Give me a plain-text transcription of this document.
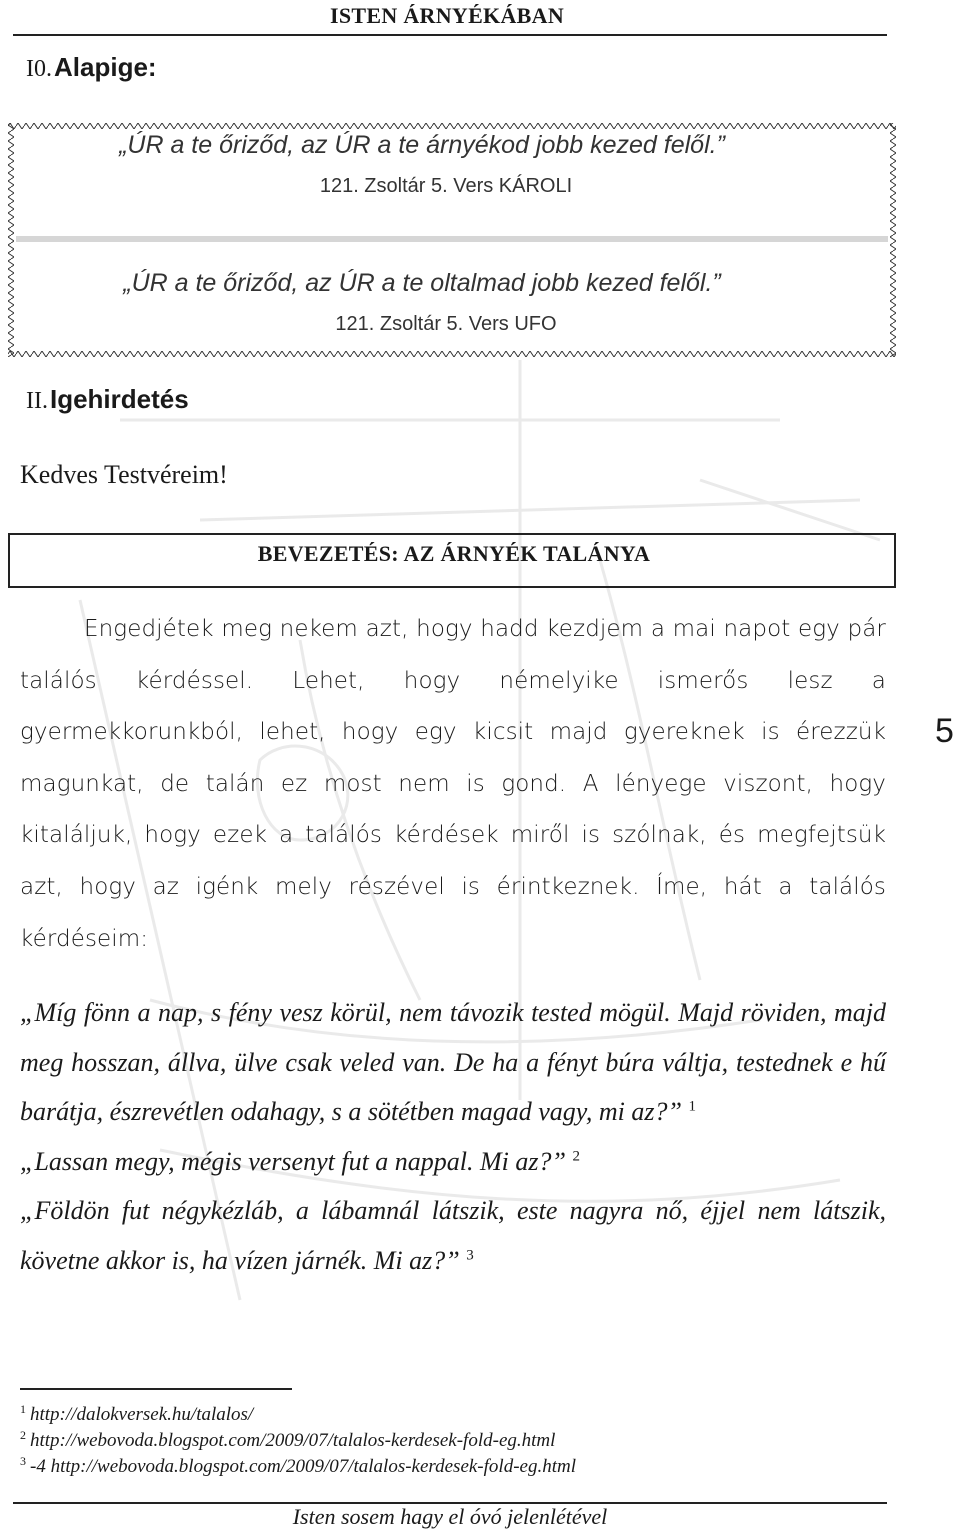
ISTEN ÁRNYÉKÁBAN
I0.Alapige:
„ÚR a te őriződ, az ÚR a te árnyékod jobb kezed felől.”
121. Zsoltár 5. Vers KÁROLI
„ÚR a te őriződ, az ÚR a te oltalmad jobb kezed felől.”
121. Zsoltár 5. Vers UFO
II.Igehirdetés
Kedves Testvéreim!
BEVEZETÉS: AZ ÁRNYÉK TALÁNYA

Engedjétek meg nekem azt, hogy hadd kezdjem a mai napot egy pár találós kérdéssel. Lehet, hogy némelyike ismerős lesz a gyermekkorunkból, lehet, hogy egy kicsit majd gyereknek is érezzük magunkat, de talán ez most nem is gond. A lényege viszont, hogy kitaláljuk, hogy ezek a találós kérdések miről is szólnak, és megfejtsük azt, hogy az igénk mely részével is érintkeznek. Íme, hát a találós kérdéseim:

„Míg fönn a nap, s fény vesz körül, nem távozik tested mögül. Majd röviden, majd meg hosszan, állva, ülve csak veled van. De ha a fényt búra váltja, testednek e hű barátja, észrevétlen odahagy, s a sötétben magad vagy, mi az?” $^1$

„Lassan megy, mégis versenyt fut a nappal. Mi az?” $^2$

„Földön fut négykézláb, a lábamnál látszik, este nagyra nő, éjjel nem látszik, követne akkor is, ha vízen járnék. Mi az?” $^3$

5
$^1$ http://dalokversek.hu/talalos/
$^2$ http://webovoda.blogspot.com/2009/07/talalos-kerdesek-fold-eg.html
$^3$ -4 http://webovoda.blogspot.com/2009/07/talalos-kerdesek-fold-eg.html
Isten sosem hagy el óvó jelenlétével
